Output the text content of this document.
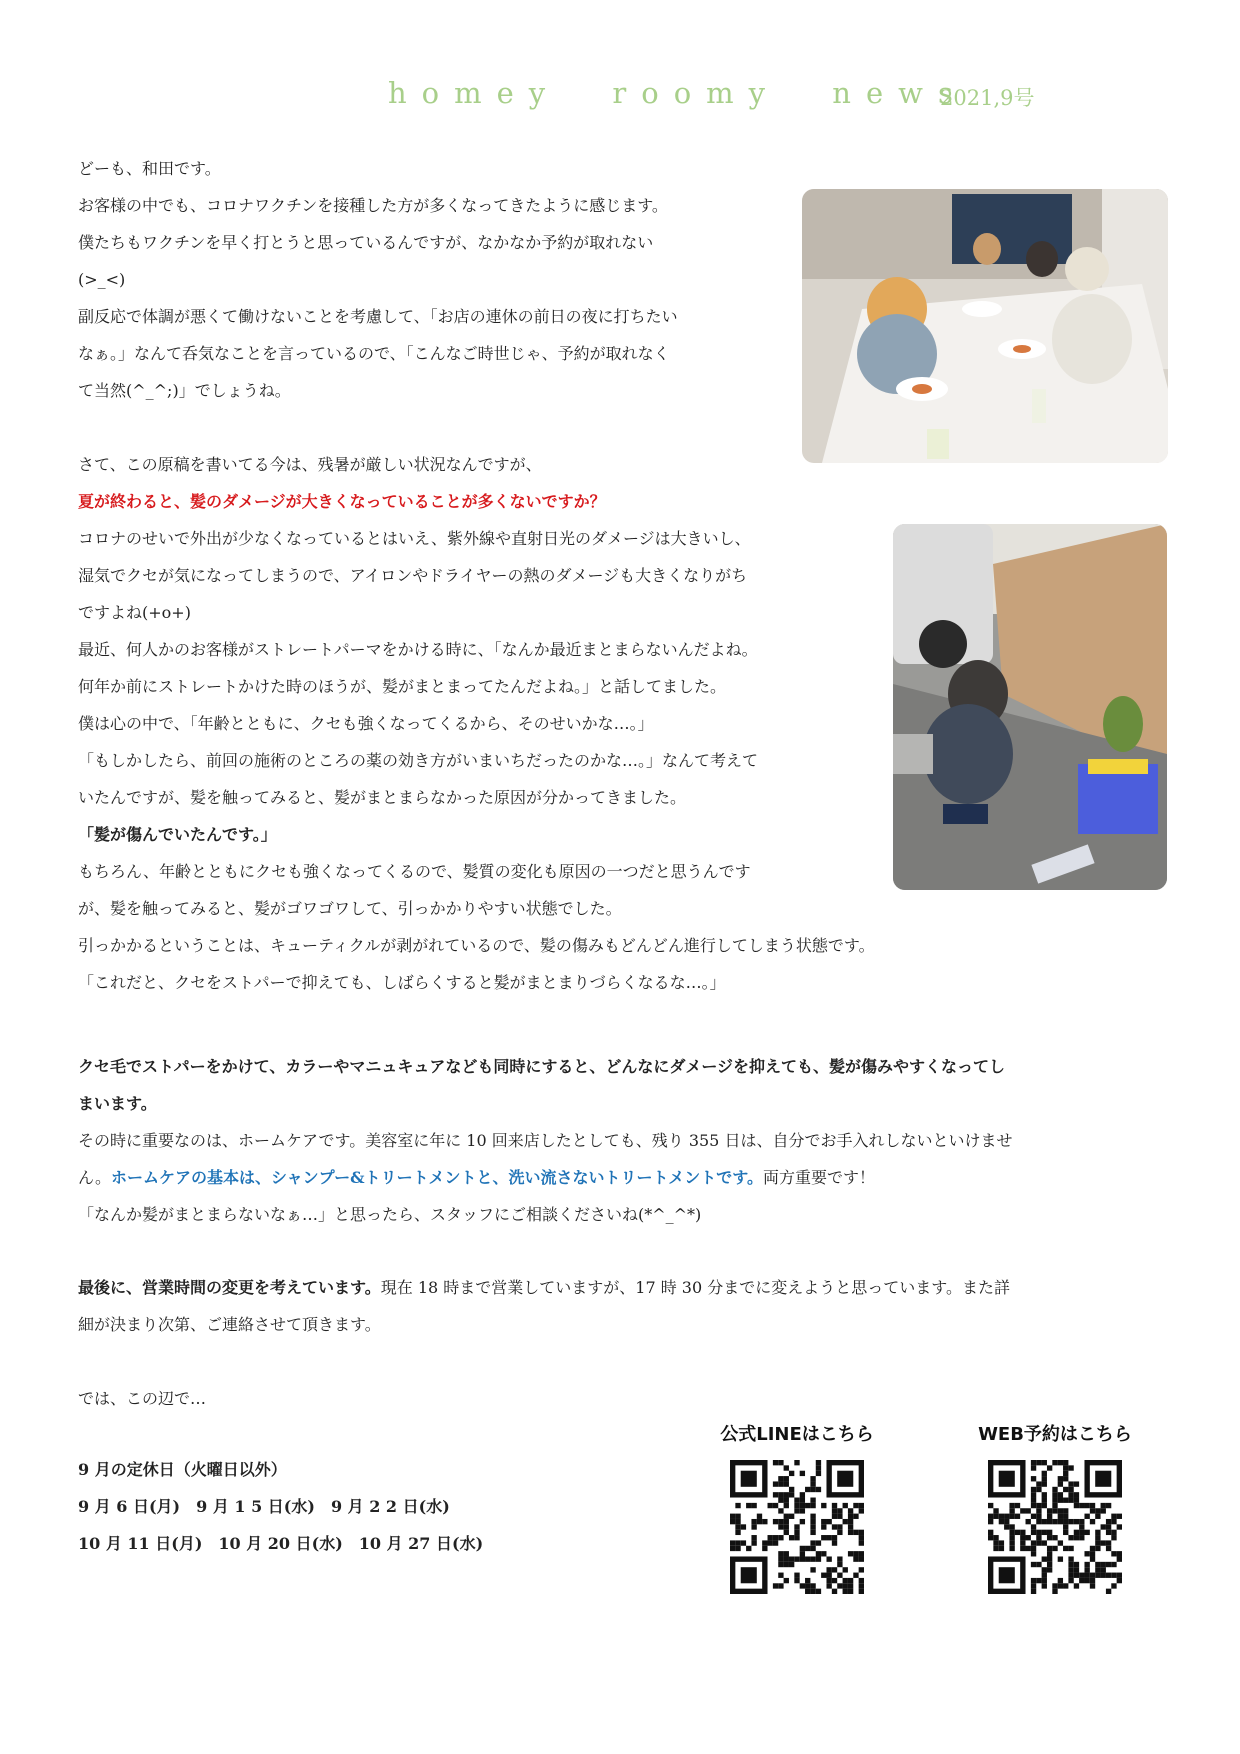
homey roomy news
2021,9号
どーも、和田です。
お客様の中でも、コロナワクチンを接種した方が多くなってきたように感じます。
僕たちもワクチンを早く打とうと思っているんですが、なかなか予約が取れない
(>_<)
副反応で体調が悪くて働けないことを考慮して、「お店の連休の前日の夜に打ちたい
なぁ。」なんて呑気なことを言っているので、「こんなご時世じゃ、予約が取れなく
て当然(^_^;)」でしょうね。
さて、この原稿を書いてる今は、残暑が厳しい状況なんですが、
夏が終わると、髪のダメージが大きくなっていることが多くないですか？
コロナのせいで外出が少なくなっているとはいえ、紫外線や直射日光のダメージは大きいし、
湿気でクセが気になってしまうので、アイロンやドライヤーの熱のダメージも大きくなりがち
ですよね(+o+)
最近、何人かのお客様がストレートパーマをかける時に、「なんか最近まとまらないんだよね。
何年か前にストレートかけた時のほうが、髪がまとまってたんだよね。」と話してました。
僕は心の中で、「年齢とともに、クセも強くなってくるから、そのせいかな…。」
「もしかしたら、前回の施術のところの薬の効き方がいまいちだったのかな…。」なんて考えて
いたんですが、髪を触ってみると、髪がまとまらなかった原因が分かってきました。
「髪が傷んでいたんです。」
もちろん、年齢とともにクセも強くなってくるので、髪質の変化も原因の一つだと思うんです
が、髪を触ってみると、髪がゴワゴワして、引っかかりやすい状態でした。
引っかかるということは、キューティクルが剥がれているので、髪の傷みもどんどん進行してしまう状態です。
「これだと、クセをストパーで抑えても、しばらくすると髪がまとまりづらくなるな…。」
クセ毛でストパーをかけて、カラーやマニュキュアなども同時にすると、どんなにダメージを抑えても、髪が傷みやすくなってし
まいます。
その時に重要なのは、ホームケアです。美容室に年に 10 回来店したとしても、残り 355 日は、自分でお手入れしないといけませ
ん。ホームケアの基本は、シャンプー&トリートメントと、洗い流さないトリートメントです。両方重要です！
「なんか髪がまとまらないなぁ…」と思ったら、スタッフにご相談くださいね(*^_^*)
最後に、営業時間の変更を考えています。現在 18 時まで営業していますが、17 時 30 分までに変えようと思っています。また詳
細が決まり次第、ご連絡させて頂きます。
では、この辺で…
9 月の定休日（火曜日以外）
9 月 6 日(月)　9 月 1 5 日(水)　9 月 2 2 日(水)
10 月 11 日(月)　10 月 20 日(水)　10 月 27 日(水)
公式LINEはこちら	WEB予約はこちら
